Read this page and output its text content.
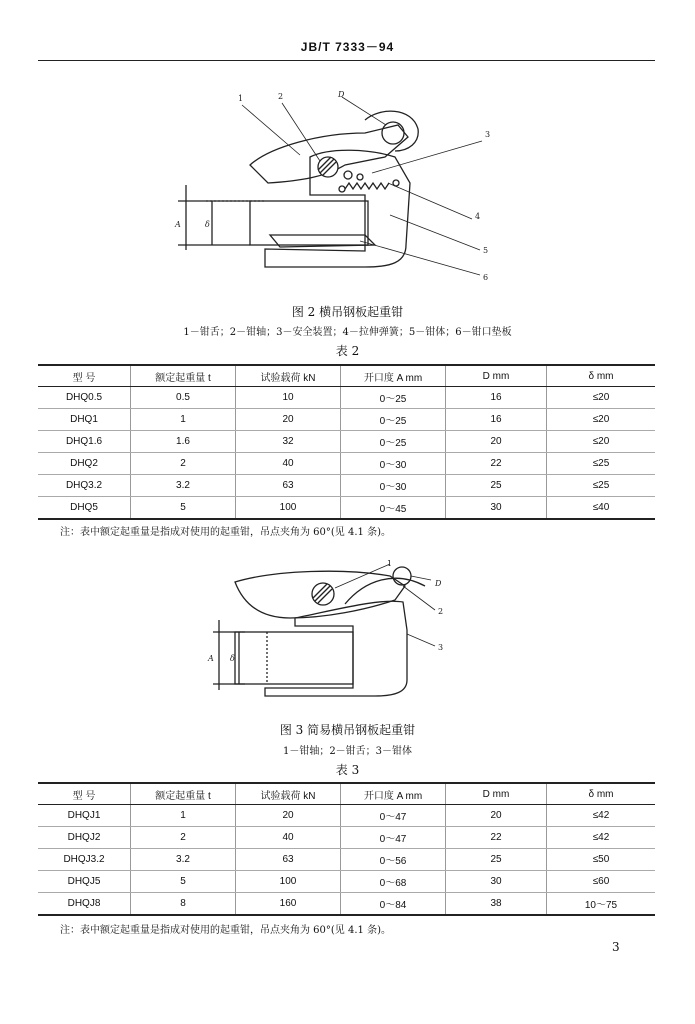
JB/T 7333－94
1	2
3
4
5
6
D
A	δ
图 2 横吊钢板起重钳
1－钳舌；2－钳轴；3－安全装置；4－拉伸弹簧；5－钳体；6－钳口垫板
表 2
型 号	额定起重量 t	试验载荷 kN	开口度 A mm	D mm	δ mm
DHQ0.5	0.5	10	0～25	16	≤20
DHQ1	1	20	0～25	16	≤20
DHQ1.6	1.6	32	0～25	20	≤20
DHQ2	2	40	0～30	22	≤25
DHQ3.2	3.2	63	0～30	25	≤25
DHQ5	5	100	0～45	30	≤40
注：表中额定起重量是指成对使用的起重钳，吊点夹角为 60°(见 4.1 条)。
1
2
3
D
A δ
图 3 简易横吊钢板起重钳
1－钳轴；2－钳舌；3－钳体
表 3
型 号	额定起重量 t	试验载荷 kN	开口度 A mm	D mm	δ mm
DHQJ1	1	20	0～47	20	≤42
DHQJ2	2	40	0～47	22	≤42
DHQJ3.2	3.2	63	0～56	25	≤50
DHQJ5	5	100	0～68	30	≤60
DHQJ8	8	160	0～84	38	10～75
注：表中额定起重量是指成对使用的起重钳，吊点夹角为 60°(见 4.1 条)。
3
